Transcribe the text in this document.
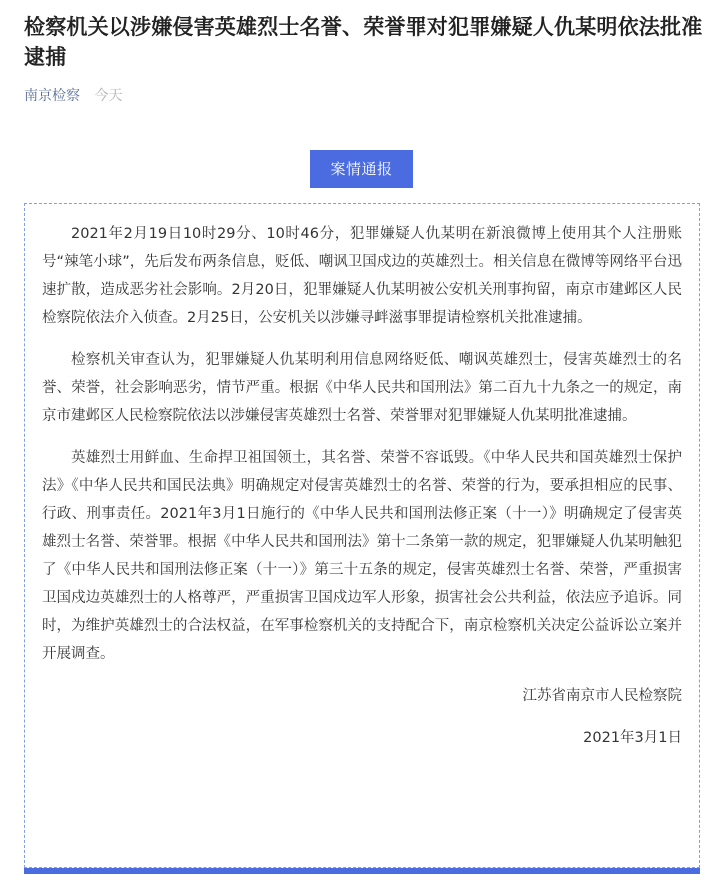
检察机关以涉嫌侵害英雄烈士名誉、荣誉罪对犯罪嫌疑人仇某明依法批准逮捕
南京检察 今天
案情通报

2021年2月19日10时29分、10时46分，犯罪嫌疑人仇某明在新浪微博上使用其个人注册账号“辣笔小球”，先后发布两条信息，贬低、嘲讽卫国戍边的英雄烈士。相关信息在微博等网络平台迅速扩散，造成恶劣社会影响。2月20日，犯罪嫌疑人仇某明被公安机关刑事拘留，南京市建邺区人民检察院依法介入侦查。2月25日，公安机关以涉嫌寻衅滋事罪提请检察机关批准逮捕。

检察机关审查认为，犯罪嫌疑人仇某明利用信息网络贬低、嘲讽英雄烈士，侵害英雄烈士的名誉、荣誉，社会影响恶劣，情节严重。根据《中华人民共和国刑法》第二百九十九条之一的规定，南京市建邺区人民检察院依法以涉嫌侵害英雄烈士名誉、荣誉罪对犯罪嫌疑人仇某明批准逮捕。

英雄烈士用鲜血、生命捍卫祖国领土，其名誉、荣誉不容诋毁。《中华人民共和国英雄烈士保护法》《中华人民共和国民法典》明确规定对侵害英雄烈士的名誉、荣誉的行为，要承担相应的民事、行政、刑事责任。2021年3月1日施行的《中华人民共和国刑法修正案（十一）》明确规定了侵害英雄烈士名誉、荣誉罪。根据《中华人民共和国刑法》第十二条第一款的规定，犯罪嫌疑人仇某明触犯了《中华人民共和国刑法修正案（十一）》第三十五条的规定，侵害英雄烈士名誉、荣誉，严重损害卫国戍边英雄烈士的人格尊严，严重损害卫国戍边军人形象，损害社会公共利益，依法应予追诉。同时，为维护英雄烈士的合法权益，在军事检察机关的支持配合下，南京检察机关决定公益诉讼立案并开展调查。

江苏省南京市人民检察院

2021年3月1日
